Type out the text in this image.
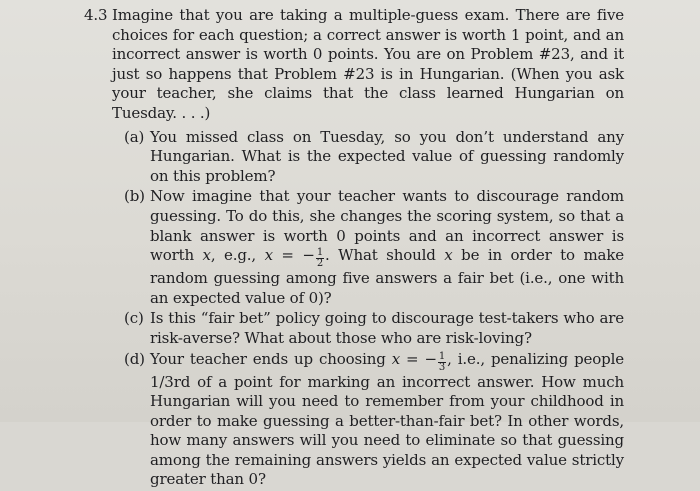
4.3 Imagine that you are taking a multiple-guess exam. There are five choices for each question; a correct answer is worth 1 point, and an incorrect answer is worth 0 points. You are on Problem #23, and it just so happens that Problem #23 is in Hungarian. (When you ask your teacher, she claims that the class learned Hungarian on Tuesday. . . .)
(a) You missed class on Tuesday, so you don’t understand any Hungarian. What is the expected value of guessing randomly on this problem?
(b) Now imagine that your teacher wants to discourage random guessing. To do this, she changes the scoring system, so that a blank answer is worth 0 points and an incorrect answer is worth x, e.g., x = − $\frac{1}{2}$ . What should x be in order to make random guessing among five answers a fair bet (i.e., one with an expected value of 0)?
(c) Is this “fair bet” policy going to discourage test-takers who are risk-averse? What about those who are risk-loving?
(d) Your teacher ends up choosing x = − $\frac{1}{3}$ , i.e., penalizing people 1/3rd of a point for marking an incorrect answer. How much Hungarian will you need to remember from your childhood in order to make guessing a better-than-fair bet? In other words, how many answers will you need to eliminate so that guessing among the remaining answers yields an expected value strictly greater than 0?
